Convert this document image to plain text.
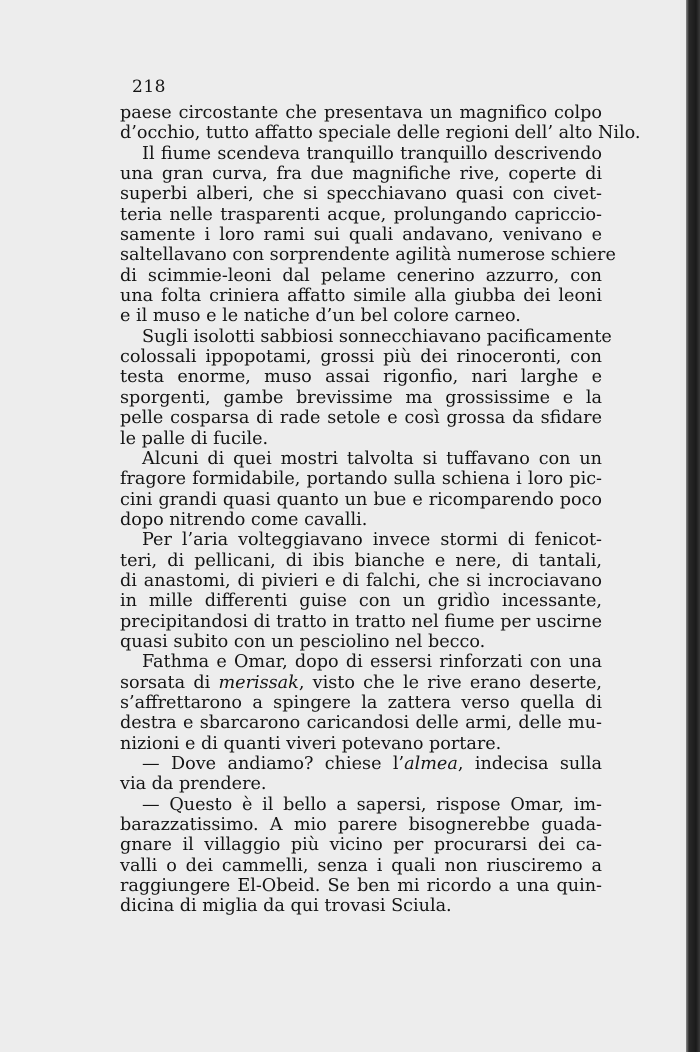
218
paese circostante che presentava un magnifico colpo
d’occhio, tutto affatto speciale delle regioni dell’ alto Nilo.
Il fiume scendeva tranquillo tranquillo descrivendo
una gran curva, fra due magnifiche rive, coperte di
superbi alberi, che si specchiavano quasi con civet-
teria nelle trasparenti acque, prolungando capriccio-
samente i loro rami sui quali andavano, venivano e
saltellavano con sorprendente agilità numerose schiere
di scimmie-leoni dal pelame cenerino azzurro, con
una folta criniera affatto simile alla giubba dei leoni
e il muso e le natiche d’un bel colore carneo.
Sugli isolotti sabbiosi sonnecchiavano pacificamente
colossali ippopotami, grossi più dei rinoceronti, con
testa enorme, muso assai rigonfio, nari larghe e
sporgenti, gambe brevissime ma grossissime e la
pelle cosparsa di rade setole e così grossa da sfidare
le palle di fucile.
Alcuni di quei mostri talvolta si tuffavano con un
fragore formidabile, portando sulla schiena i loro pic-
cini grandi quasi quanto un bue e ricomparendo poco
dopo nitrendo come cavalli.
Per l’aria volteggiavano invece stormi di fenicot-
teri, di pellicani, di ibis bianche e nere, di tantali,
di anastomi, di pivieri e di falchi, che si incrociavano
in mille differenti guise con un gridìo incessante,
precipitandosi di tratto in tratto nel fiume per uscirne
quasi subito con un pesciolino nel becco.
Fathma e Omar, dopo di essersi rinforzati con una
sorsata di merissak, visto che le rive erano deserte,
s’affrettarono a spingere la zattera verso quella di
destra e sbarcarono caricandosi delle armi, delle mu-
nizioni e di quanti viveri potevano portare.
— Dove andiamo? chiese l’almea, indecisa sulla
via da prendere.
— Questo è il bello a sapersi, rispose Omar, im-
barazzatissimo. A mio parere bisognerebbe guada-
gnare il villaggio più vicino per procurarsi dei ca-
valli o dei cammelli, senza i quali non riusciremo a
raggiungere El-Obeid. Se ben mi ricordo a una quin-
dicina di miglia da qui trovasi Sciula.
